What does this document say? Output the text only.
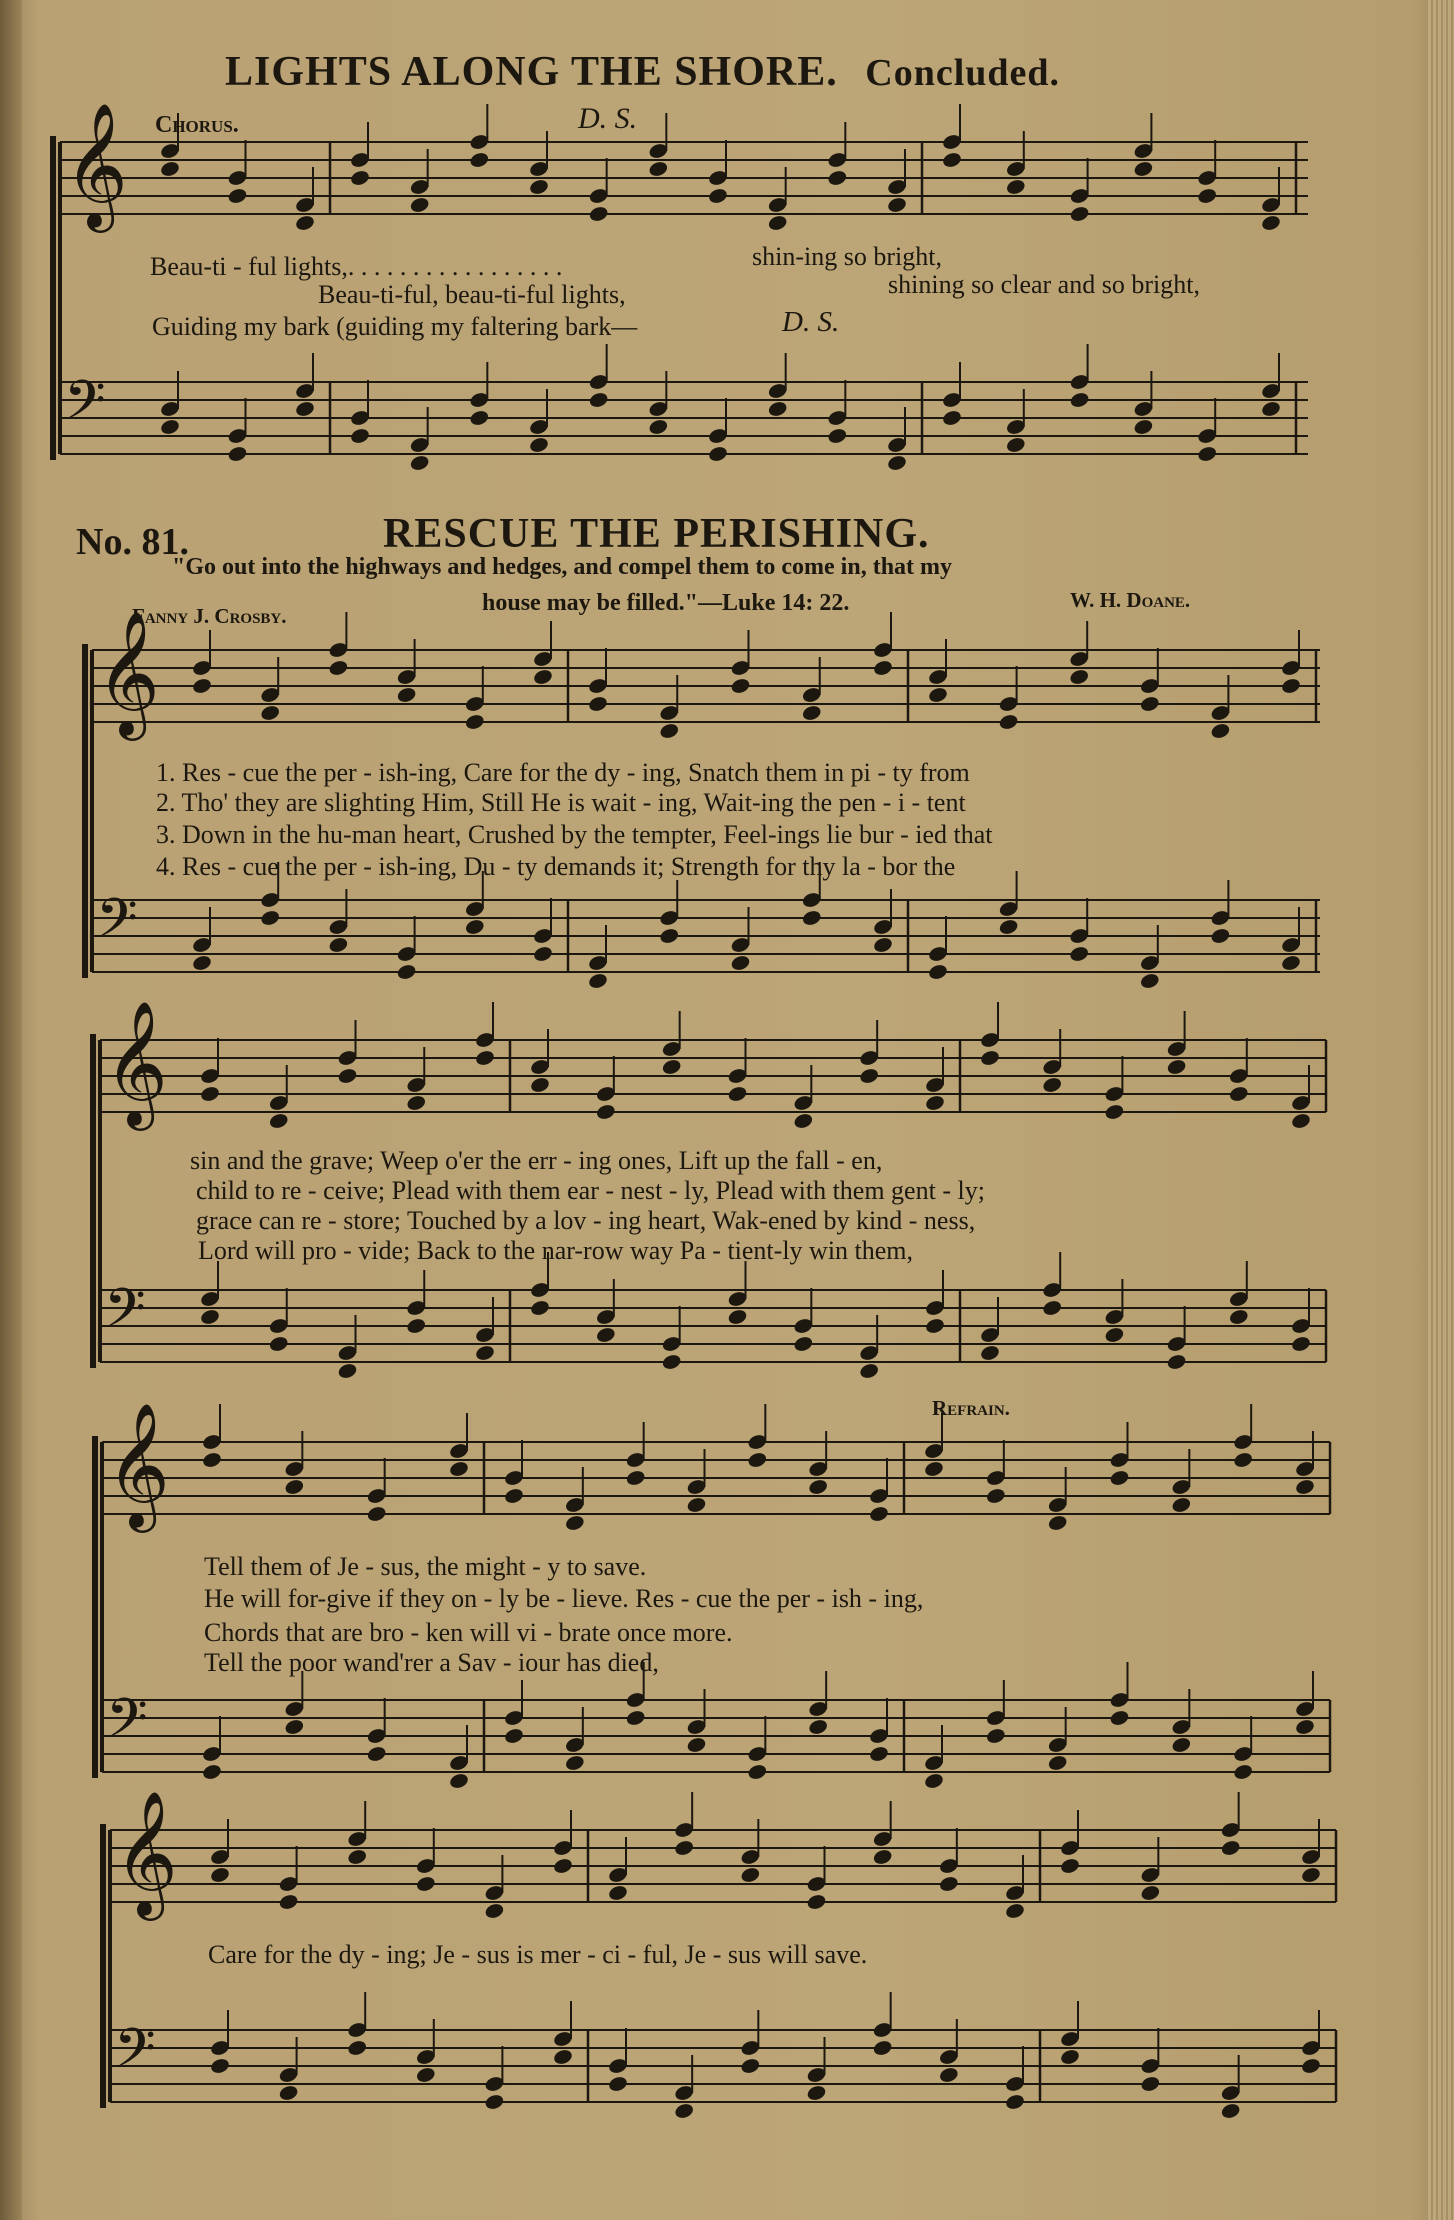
𝄞
𝄢
𝄞
𝄢
𝄞
𝄢
𝄞
𝄢
𝄞
𝄢
LIGHTS ALONG THE SHORE. Concluded.
Chorus.	D. S.
Beau-ti - ful lights,. . . . . . . . . . . . . . . . .	shin-ing so bright,
Beau-ti-ful, beau-ti-ful lights,	shining so clear and so bright,
Guiding my bark (guiding my faltering bark—	D. S.
No. 81.	RESCUE THE PERISHING.
"Go out into the highways and hedges, and compel them to come in, that my
Fanny J. Crosby.	house may be filled."—Luke 14: 22.	W. H. Doane.
1. Res - cue the per - ish-ing, Care for the dy - ing, Snatch them in pi - ty from
2. Tho' they are slighting Him, Still He is wait - ing, Wait-ing the pen - i - tent
3. Down in the hu-man heart, Crushed by the tempter, Feel-ings lie bur - ied that
4. Res - cue the per - ish-ing, Du - ty demands it; Strength for thy la - bor the
sin and the grave; Weep o'er the err - ing ones, Lift up the fall - en,
child to re - ceive; Plead with them ear - nest - ly, Plead with them gent - ly;
grace can re - store; Touched by a lov - ing heart, Wak-ened by kind - ness,
Lord will pro - vide; Back to the nar-row way Pa - tient-ly win them,
Refrain.
Tell them of Je - sus, the might - y to save.
He will for-give if they on - ly be - lieve. Res - cue the per - ish - ing,
Chords that are bro - ken will vi - brate once more.
Tell the poor wand'rer a Sav - iour has died,
Care for the dy - ing; Je - sus is mer - ci - ful, Je - sus will save.
